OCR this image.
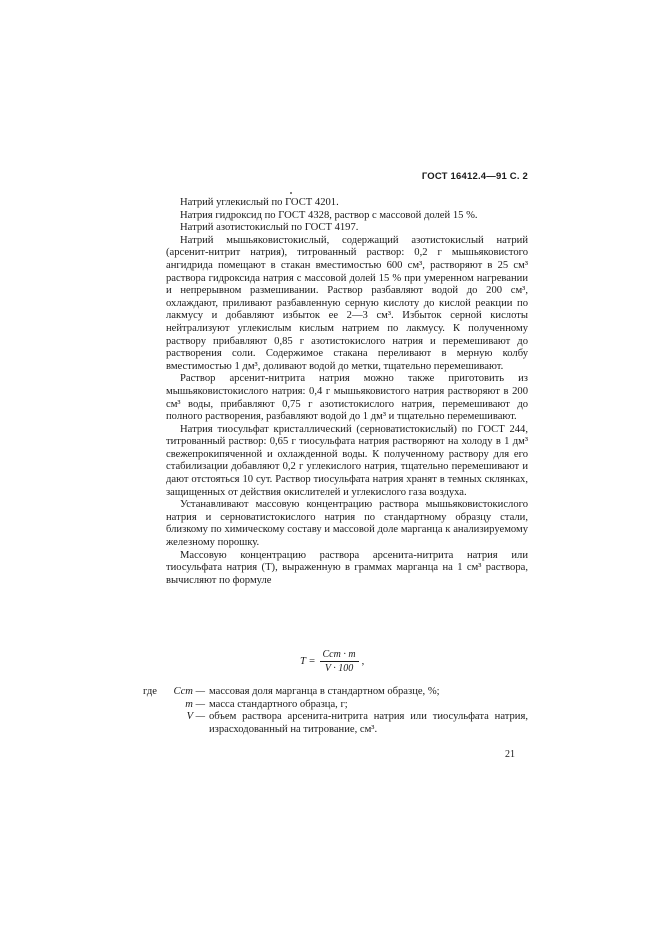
ГОСТ 16412.4—91 С. 2

Натрий углекислый по ГОСТ 4201.

Натрия гидроксид по ГОСТ 4328, раствор с массовой долей 15 %.

Натрий азотистокислый по ГОСТ 4197.

Натрий мышьяковистокислый, содержащий азотистокислый натрий (арсенит-нитрит натрия), титрованный раствор: 0,2 г мышьяковистого ангидрида помещают в стакан вместимостью 600 см³, растворяют в 25 см³ раствора гидроксида натрия с массовой долей 15 % при умеренном нагревании и непрерывном размешивании. Раствор разбавляют водой до 200 см³, охлаждают, приливают разбавленную серную кислоту до кислой реакции по лакмусу и добавляют избыток ее 2—3 см³. Избыток серной кислоты нейтрализуют углекислым кислым натрием по лакмусу. К полученному раствору прибавляют 0,85 г азотистокислого натрия и перемешивают до растворения соли. Содержимое стакана переливают в мерную колбу вместимостью 1 дм³, доливают водой до метки, тщательно перемешивают.

Раствор арсенит-нитрита натрия можно также приготовить из мышьяковистокислого натрия: 0,4 г мышьяковистого натрия растворяют в 200 см³ воды, прибавляют 0,75 г азотистокислого натрия, перемешивают до полного растворения, разбавляют водой до 1 дм³ и тщательно перемешивают.

Натрия тиосульфат кристаллический (серноватистокислый) по ГОСТ 244, титрованный раствор: 0,65 г тиосульфата натрия растворяют на холоду в 1 дм³ свежепрокипяченной и охлажденной воды. К полученному раствору для его стабилизации добавляют 0,2 г углекислого натрия, тщательно перемешивают и дают отстояться 10 сут. Раствор тиосульфата натрия хранят в темных склянках, защищенных от действия окислителей и углекислого газа воздуха.

Устанавливают массовую концентрацию раствора мышьяковистокислого натрия и серноватистокислого натрия по стандартному образцу стали, близкому по химическому составу и массовой доле марганца к анализируемому железному порошку.

Массовую концентрацию раствора арсенита-нитрита натрия или тиосульфата натрия (T), выраженную в граммах марганца на 1 см³ раствора, вычисляют по формуле

$T = \frac{\text{Cст · m}}{V \cdot 100}$ ,
где	Cст — массовая доля марганца в стандартном образце, %;
m — масса стандартного образца, г;
V — объем раствора арсенита-нитрита натрия или тиосульфата натрия, израсходованный на титрование, см³.
21
